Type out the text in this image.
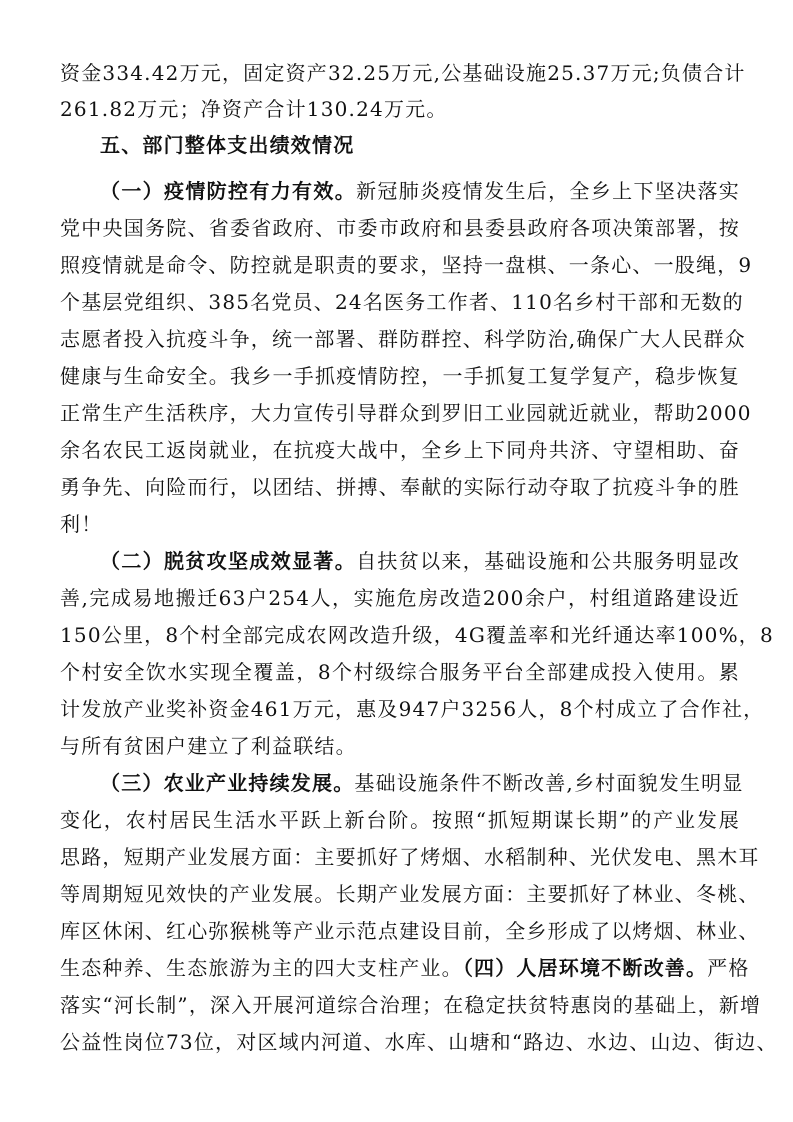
资金334.42万元，固定资产32.25万元,公基础设施25.37万元;负债合计
261.82万元；净资产合计130.24万元。
五、部门整体支出绩效情况
（一）疫情防控有力有效。新冠肺炎疫情发生后，全乡上下坚决落实
党中央国务院、省委省政府、市委市政府和县委县政府各项决策部署，按
照疫情就是命令、防控就是职责的要求，坚持一盘棋、一条心、一股绳，9
个基层党组织、385名党员、24名医务工作者、110名乡村干部和无数的
志愿者投入抗疫斗争，统一部署、群防群控、科学防治,确保广大人民群众
健康与生命安全。我乡一手抓疫情防控，一手抓复工复学复产，稳步恢复
正常生产生活秩序，大力宣传引导群众到罗旧工业园就近就业，帮助2000
余名农民工返岗就业，在抗疫大战中，全乡上下同舟共济、守望相助、奋
勇争先、向险而行，以团结、拼搏、奉献的实际行动夺取了抗疫斗争的胜
利！
（二）脱贫攻坚成效显著。自扶贫以来，基础设施和公共服务明显改
善,完成易地搬迁63户254人，实施危房改造200余户，村组道路建设近
150公里，8个村全部完成农网改造升级，4G覆盖率和光纤通达率100%，8
个村安全饮水实现全覆盖，8个村级综合服务平台全部建成投入使用。累
计发放产业奖补资金461万元，惠及947户3256人，8个村成立了合作社，
与所有贫困户建立了利益联结。
（三）农业产业持续发展。基础设施条件不断改善,乡村面貌发生明显
变化，农村居民生活水平跃上新台阶。按照“抓短期谋长期”的产业发展
思路，短期产业发展方面：主要抓好了烤烟、水稻制种、光伏发电、黑木耳
等周期短见效快的产业发展。长期产业发展方面：主要抓好了林业、冬桃、
库区休闲、红心弥猴桃等产业示范点建设目前，全乡形成了以烤烟、林业、
生态种养、生态旅游为主的四大支柱产业。（四）人居环境不断改善。严格
落实“河长制”，深入开展河道综合治理；在稳定扶贫特惠岗的基础上，新增
公益性岗位73位，对区域内河道、水库、山塘和“路边、水边、山边、街边、
